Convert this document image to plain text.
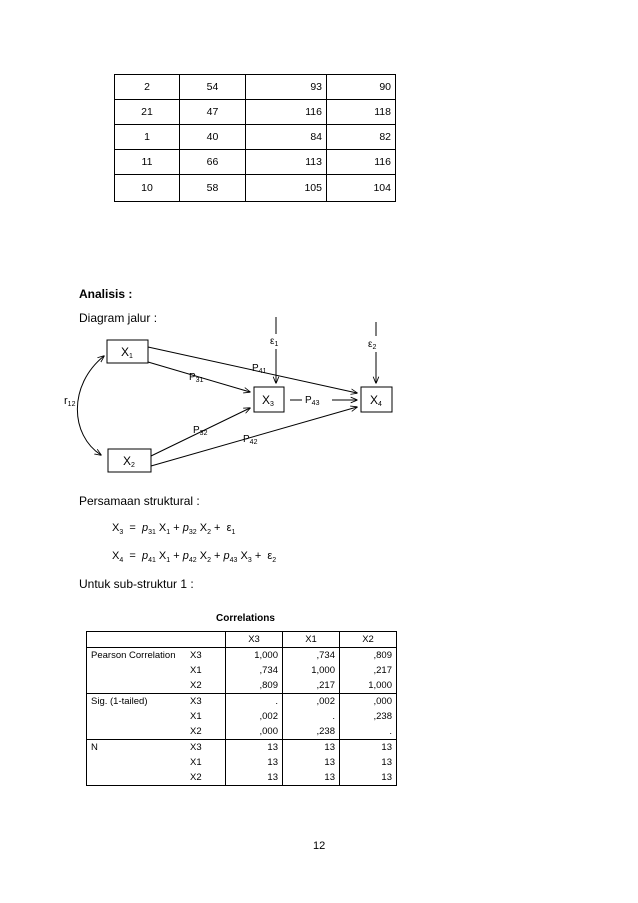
2	54	93	90
21	47	116	118
1	40	84	82
11	66	113	116
10	58	105	104
Analisis :
Diagram jalur :
X1
X2
X3	X4
r12
$P_{31}$
$P_{32}$
$P_{41}$
$P_{42}$
$P_{43}$
$\varepsilon_1$	$\varepsilon_2$
Persamaan struktural :
$X_3 = p_{31}$ $X_1 + p_{32}$ $X_2 + \varepsilon_1$
$X_4 = p_{41}$ $X_1 + p_{42}$ $X_2 + p_{43}$ $X_3 + \varepsilon_2$
Untuk sub-struktur 1 :
Correlations
		X3	X1	X2
Pearson Correlation	X3	1,000	,734	,809
	X1	,734	1,000	,217
	X2	,809	,217	1,000
Sig. (1-tailed)	X3	.	,002	,000
	X1	,002	.	,238
	X2	,000	,238	.
N	X3	13	13	13
	X1	13	13	13
	X2	13	13	13
12
